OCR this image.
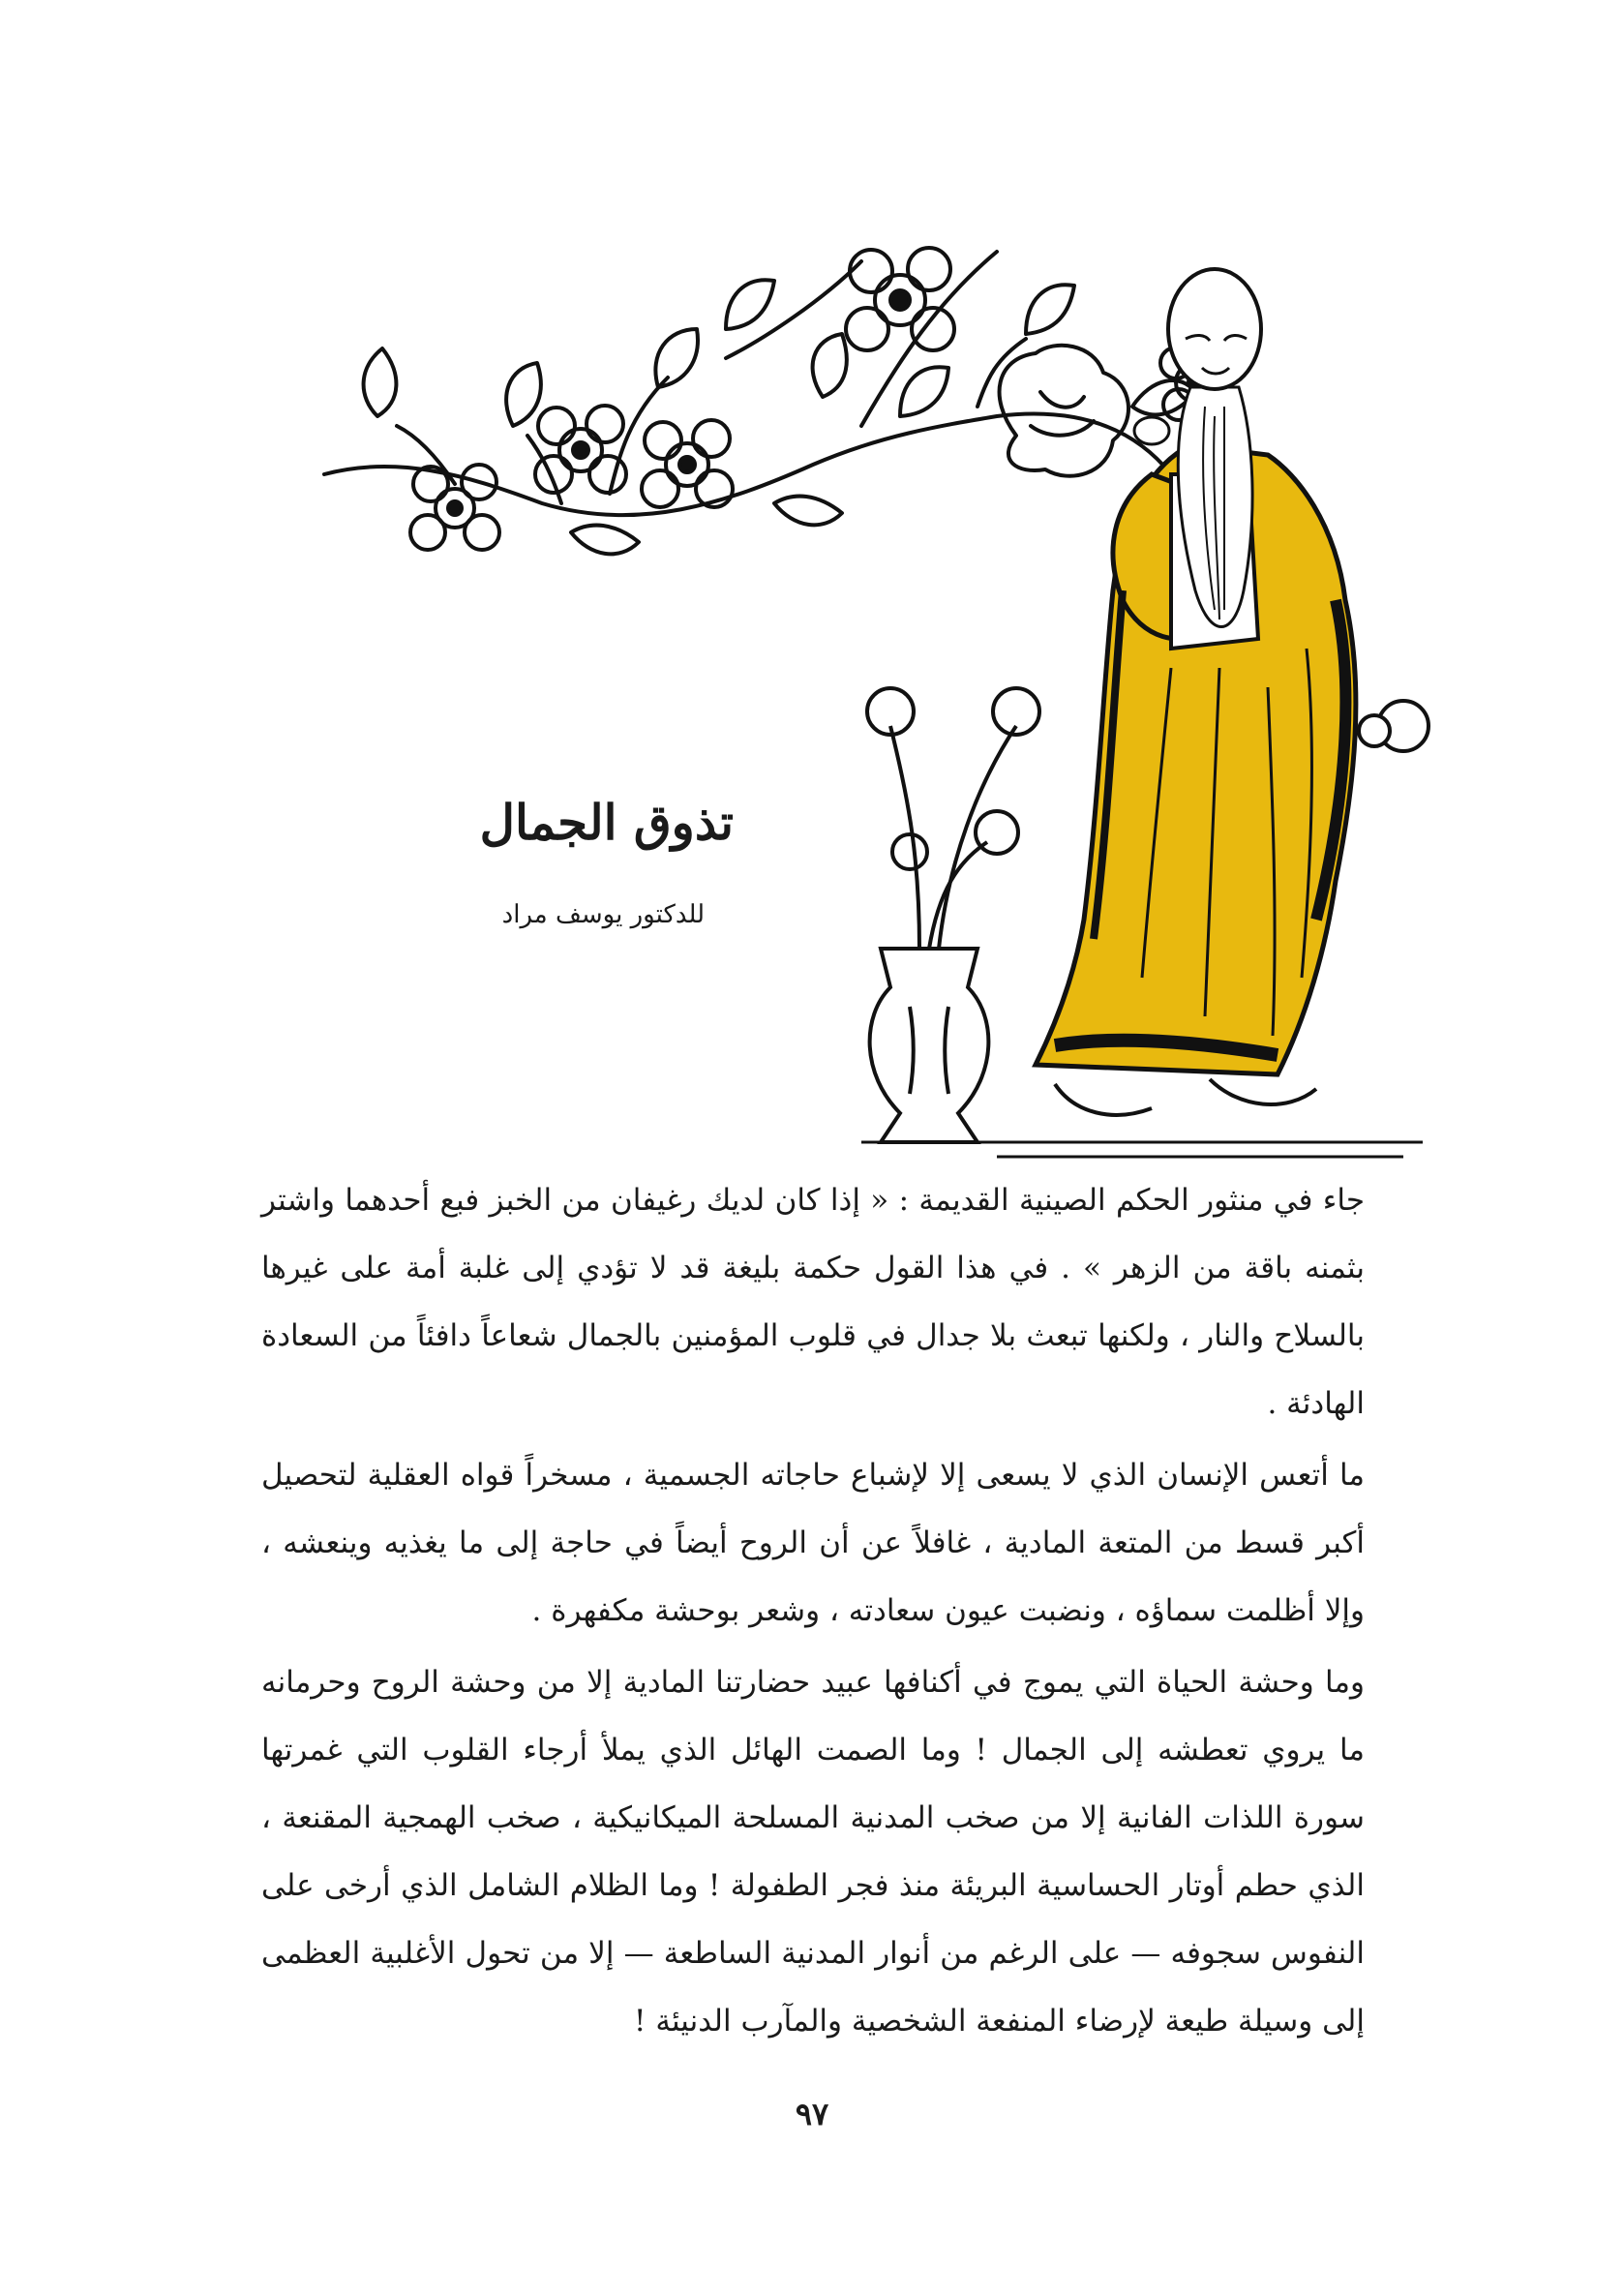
تذوق الجمال
للدكتور يوسف مراد

جاء في منثور الحكم الصينية القديمة : « إذا كان لديك رغيفان من الخبز فبع أحدهما واشتر بثمنه باقة من الزهر » . في هذا القول حكمة بليغة قد لا تؤدي إلى غلبة أمة على غيرها بالسلاح والنار ، ولكنها تبعث بلا جدال في قلوب المؤمنين بالجمال شعاعاً دافئاً من السعادة الهادئة .

ما أتعس الإنسان الذي لا يسعى إلا لإشباع حاجاته الجسمية ، مسخراً قواه العقلية لتحصيل أكبر قسط من المتعة المادية ، غافلاً عن أن الروح أيضاً في حاجة إلى ما يغذيه وينعشه ، وإلا أظلمت سماؤه ، ونضبت عيون سعادته ، وشعر بوحشة مكفهرة .

وما وحشة الحياة التي يموج في أكنافها عبيد حضارتنا المادية إلا من وحشة الروح وحرمانه ما يروي تعطشه إلى الجمال ! وما الصمت الهائل الذي يملأ أرجاء القلوب التي غمرتها سورة اللذات الفانية إلا من صخب المدنية المسلحة الميكانيكية ، صخب الهمجية المقنعة ، الذي حطم أوتار الحساسية البريئة منذ فجر الطفولة ! وما الظلام الشامل الذي أرخى على النفوس سجوفه — على الرغم من أنوار المدنية الساطعة — إلا من تحول الأغلبية العظمى إلى وسيلة طيعة لإرضاء المنفعة الشخصية والمآرب الدنيئة !

٩٧
